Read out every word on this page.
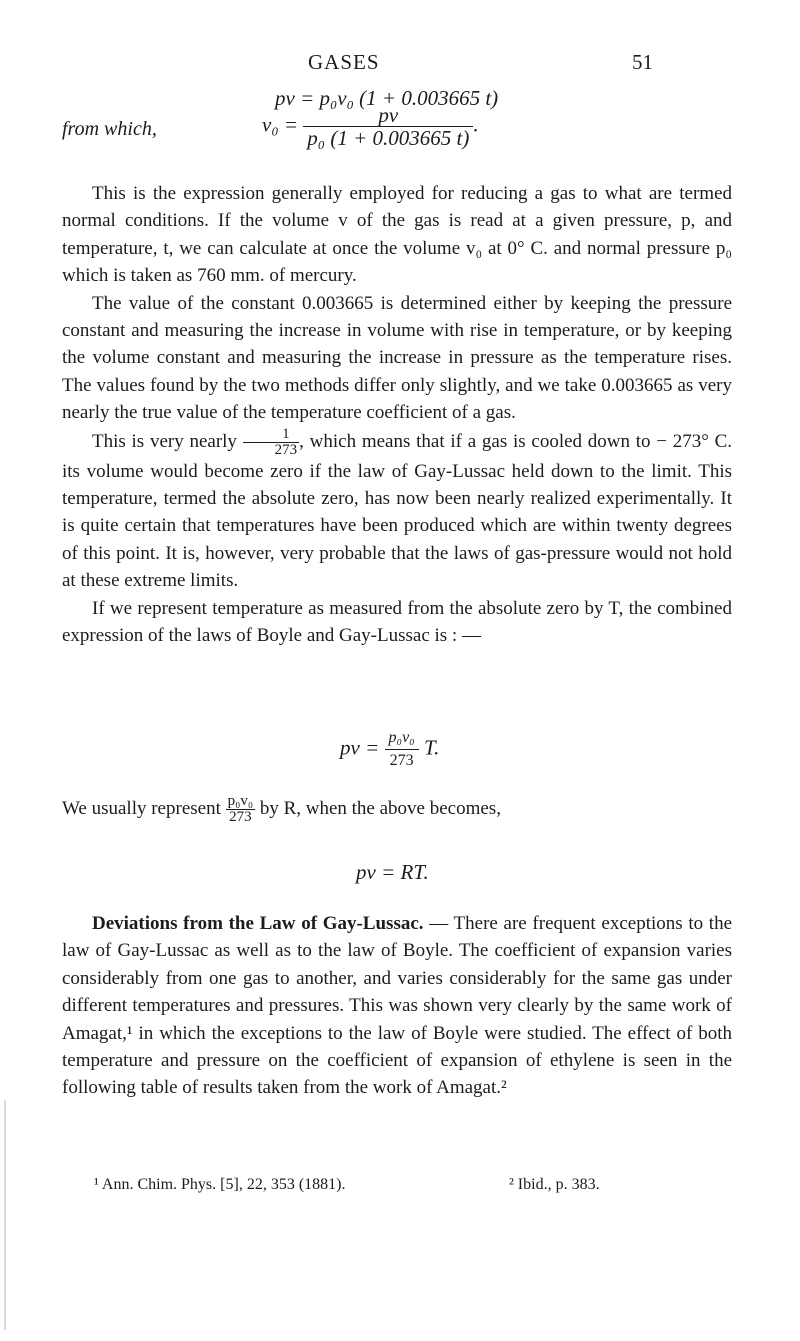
GASES	51
pv = p₀v₀ (1 + 0.003665 t)
from which,	$v_0 = \frac{pv}{\text{p₀ (1 + 0.003665 t)}}$ .

This is the expression generally employed for reducing a gas to what are termed normal conditions. If the volume v of the gas is read at a given pressure, p, and temperature, t, we can calculate at once the volume v₀ at 0° C. and normal pressure p₀ which is taken as 760 mm. of mercury.

The value of the constant 0.003665 is determined either by keeping the pressure constant and measuring the increase in volume with rise in temperature, or by keeping the volume constant and measuring the increase in pressure as the temperature rises. The values found by the two methods differ only slightly, and we take 0.003665 as very nearly the true value of the temperature coefficient of a gas.

This is very nearly $\frac{1}{273}$ , which means that if a gas is cooled down to − 273° C. its volume would become zero if the law of Gay-Lussac held down to the limit. This temperature, termed the absolute zero, has now been nearly realized experimentally. It is quite certain that temperatures have been produced which are within twenty degrees of this point. It is, however, very probable that the laws of gas-pressure would not hold at these extreme limits.

If we represent temperature as measured from the absolute zero by T, the combined expression of the laws of Boyle and Gay-Lussac is : —

pv = $\frac{\text{p₀v₀}}{273} T$.

We usually represent $\frac{\text{p₀v₀}}{273}$ by R, when the above becomes,

pv = RT.

Deviations from the Law of Gay-Lussac. — There are frequent exceptions to the law of Gay-Lussac as well as to the law of Boyle. The coefficient of expansion varies considerably from one gas to another, and varies considerably for the same gas under different temperatures and pressures. This was shown very clearly by the same work of Amagat,¹ in which the exceptions to the law of Boyle were studied. The effect of both temperature and pressure on the coefficient of expansion of ethylene is seen in the following table of results taken from the work of Amagat.²

¹ Ann. Chim. Phys. [5], 22, 353 (1881).	² Ibid., p. 383.
